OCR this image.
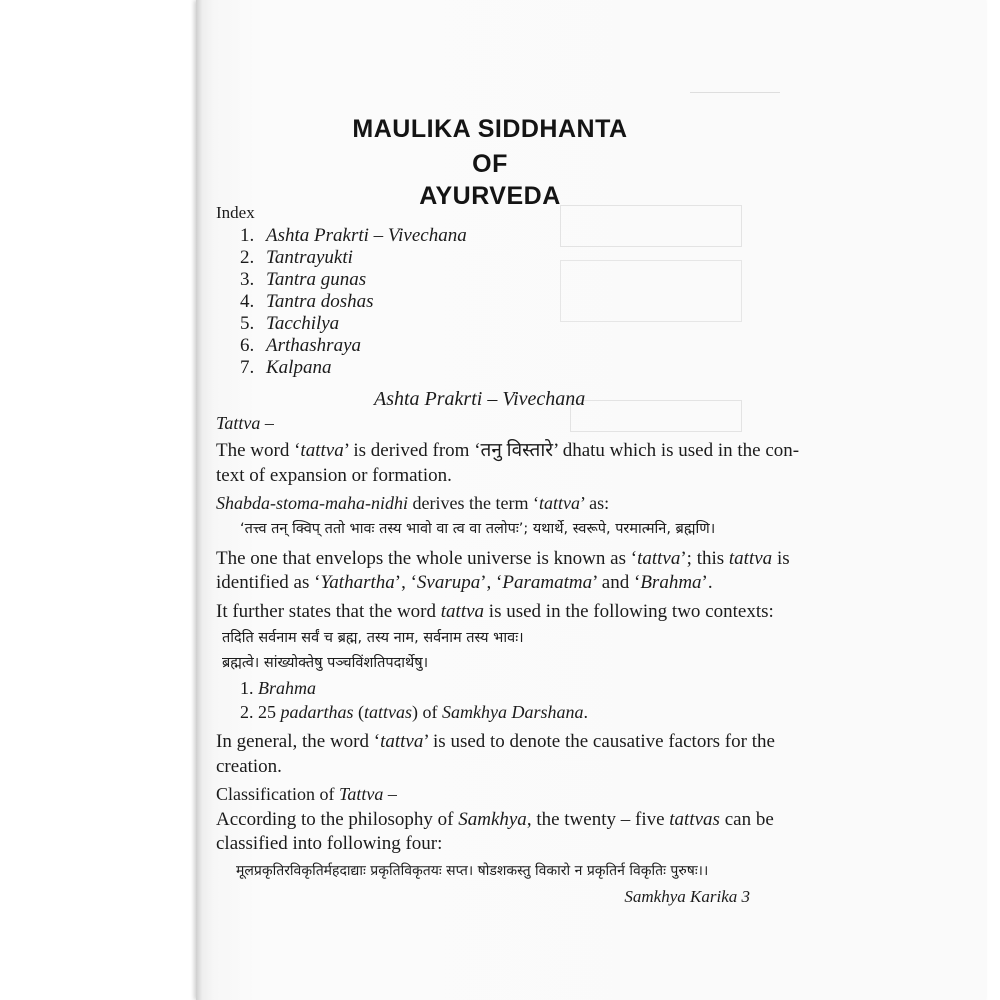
MAULIKA SIDDHANTA
OF
AYURVEDA
Index
1. Ashta Prakrti – Vivechana
2. Tantrayukti
3. Tantra gunas
4. Tantra doshas
5. Tacchilya
6. Arthashraya
7. Kalpana
Ashta Prakrti – Vivechana
Tattva –
The word ‘tattva’ is derived from ‘तनु विस्तारे’ dhatu which is used in the con-
text of expansion or formation.
Shabda-stoma-maha-nidhi derives the term ‘tattva’ as:
‘तत्त्व तन् क्विप् ततो भावः तस्य भावो वा त्व वा तलोपः’; यथार्थे, स्वरूपे, परमात्मनि, ब्रह्मणि।
The one that envelops the whole universe is known as ‘tattva’; this tattva is
identified as ‘Yathartha’, ‘Svarupa’, ‘Paramatma’ and ‘Brahma’.
It further states that the word tattva is used in the following two contexts:
तदिति सर्वनाम सर्वं च ब्रह्म, तस्य नाम, सर्वनाम तस्य भावः।
ब्रह्मत्वे। सांख्योक्तेषु पञ्चविंशतिपदार्थेषु।
1. Brahma
2. 25 padarthas (tattvas) of Samkhya Darshana.
In general, the word ‘tattva’ is used to denote the causative factors for the
creation.
Classification of Tattva –
According to the philosophy of Samkhya, the twenty – five tattvas can be
classified into following four:
मूलप्रकृतिरविकृतिर्महदाद्याः प्रकृतिविकृतयः सप्त। षोडशकस्तु विकारो न प्रकृतिर्न विकृतिः पुरुषः।।
Samkhya Karika 3
